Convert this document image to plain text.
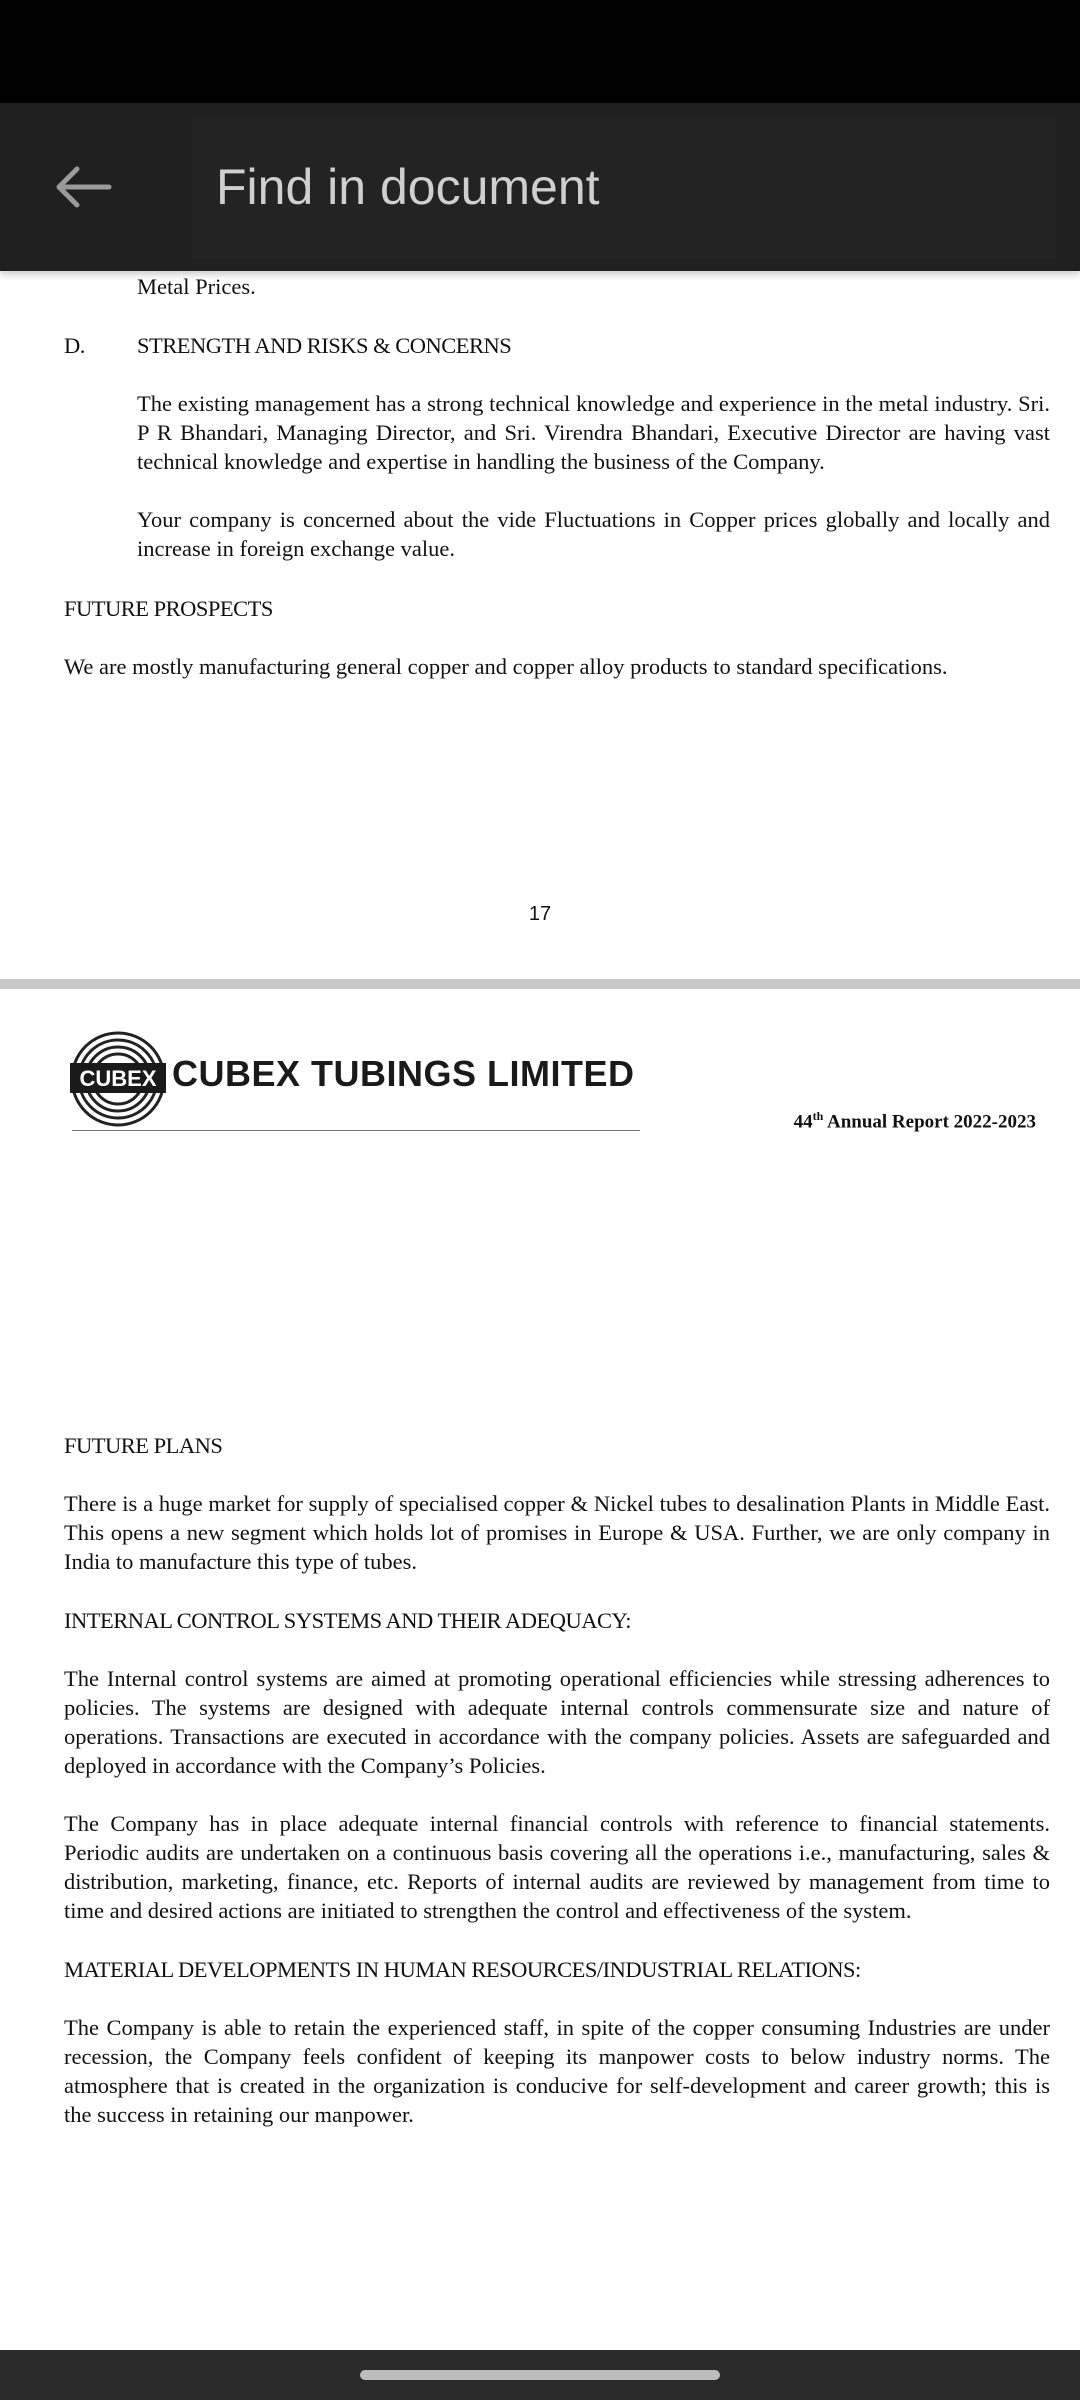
Find in document
Metal Prices.
D. STRENGTH AND RISKS & CONCERNS
The existing management has a strong technical knowledge and experience in the metal industry. Sri. P R Bhandari, Managing Director, and Sri. Virendra Bhandari, Executive Director are having vast technical knowledge and expertise in handling the business of the Company.
Your company is concerned about the vide Fluctuations in Copper prices globally and locally and increase in foreign exchange value.
FUTURE PROSPECTS
We are mostly manufacturing general copper and copper alloy products to standard specifications.
17
CUBEX CUBEX TUBINGS LIMITED
44th Annual Report 2022-2023
FUTURE PLANS
There is a huge market for supply of specialised copper & Nickel tubes to desalination Plants in Middle East. This opens a new segment which holds lot of promises in Europe & USA. Further, we are only company in India to manufacture this type of tubes.
INTERNAL CONTROL SYSTEMS AND THEIR ADEQUACY:
The Internal control systems are aimed at promoting operational efficiencies while stressing adherences to policies. The systems are designed with adequate internal controls commensurate size and nature of operations. Transactions are executed in accordance with the company policies. Assets are safeguarded and deployed in accordance with the Company’s Policies.
The Company has in place adequate internal financial controls with reference to financial statements. Periodic audits are undertaken on a continuous basis covering all the operations i.e., manufacturing, sales & distribution, marketing, finance, etc. Reports of internal audits are reviewed by management from time to time and desired actions are initiated to strengthen the control and effectiveness of the system.
MATERIAL DEVELOPMENTS IN HUMAN RESOURCES/INDUSTRIAL RELATIONS:
The Company is able to retain the experienced staff, in spite of the copper consuming Industries are under recession, the Company feels confident of keeping its manpower costs to below industry norms. The atmosphere that is created in the organization is conducive for self-development and career growth; this is the success in retaining our manpower.
